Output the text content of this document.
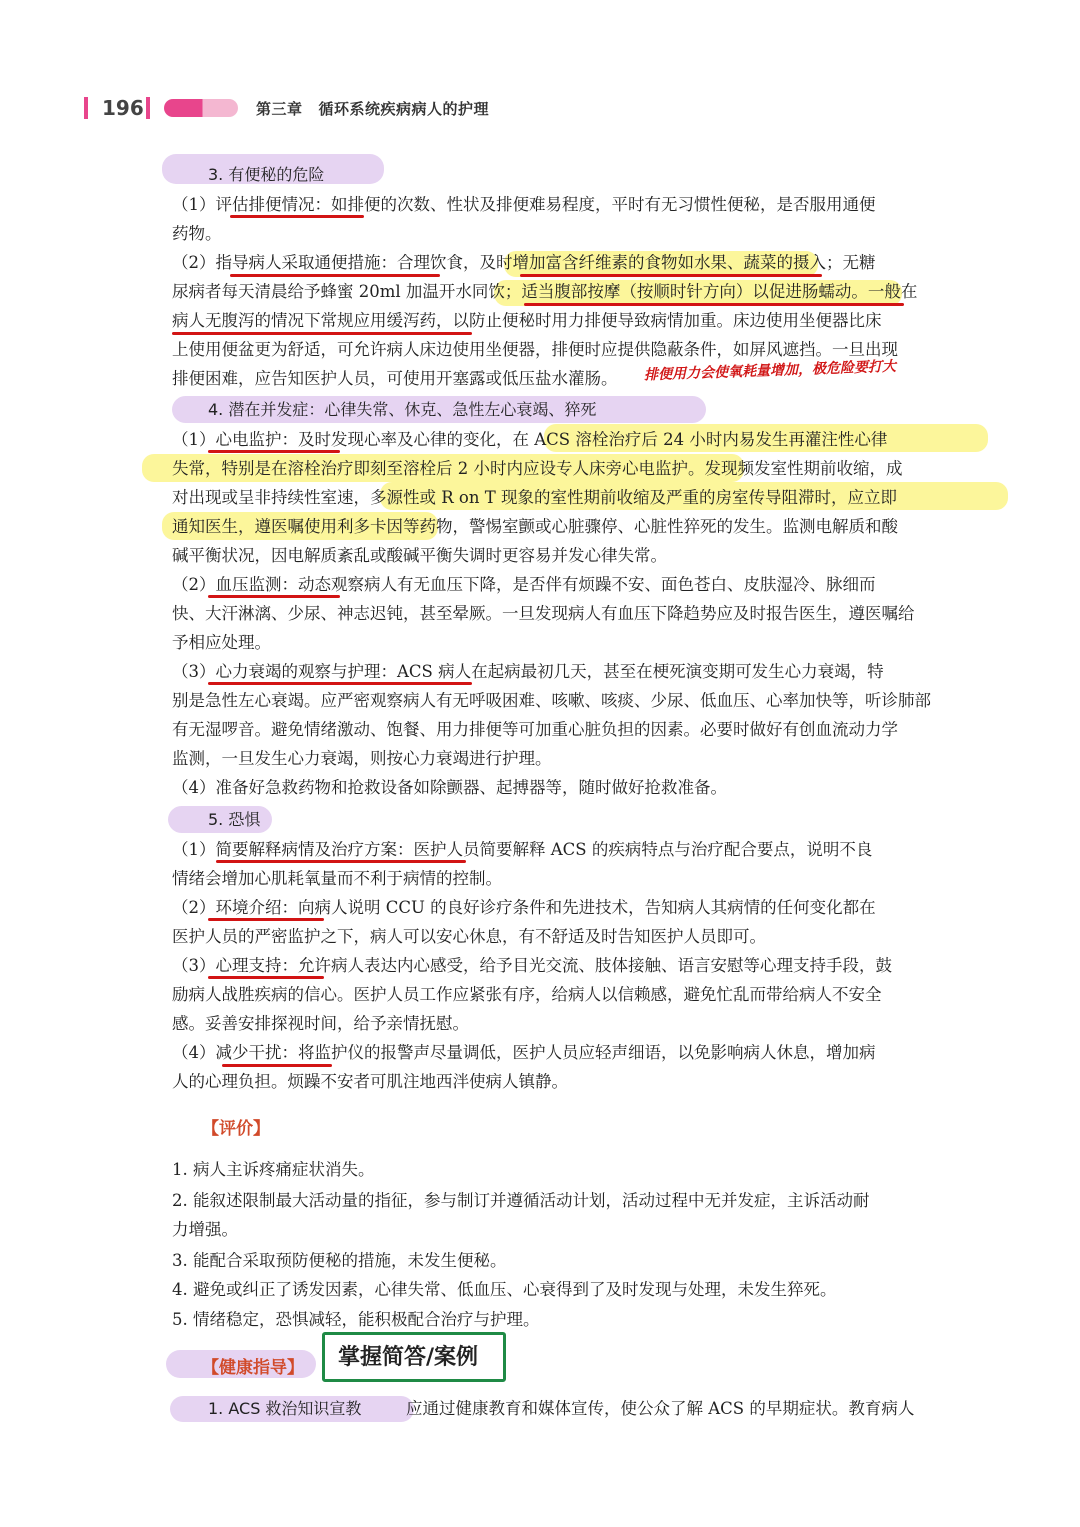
196	第三章 循环系统疾病病人的护理
3. 有便秘的危险
（1）评估排便情况：如排便的次数、性状及排便难易程度，平时有无习惯性便秘，是否服用通便
药物。
（2）指导病人采取通便措施：合理饮食，及时增加富含纤维素的食物如水果、蔬菜的摄入；无糖
尿病者每天清晨给予蜂蜜 20ml 加温开水同饮；适当腹部按摩（按顺时针方向）以促进肠蠕动。一般在
病人无腹泻的情况下常规应用缓泻药，以防止便秘时用力排便导致病情加重。床边使用坐便器比床
上使用便盆更为舒适，可允许病人床边使用坐便器，排便时应提供隐蔽条件，如屏风遮挡。一旦出现
排便困难，应告知医护人员，可使用开塞露或低压盐水灌肠。 排便用力会使氧耗量增加，极危险要打大
4. 潜在并发症：心律失常、休克、急性左心衰竭、猝死
（1）心电监护：及时发现心率及心律的变化，在 ACS 溶栓治疗后 24 小时内易发生再灌注性心律
失常，特别是在溶栓治疗即刻至溶栓后 2 小时内应设专人床旁心电监护。发现频发室性期前收缩，成
对出现或呈非持续性室速，多源性或 R on T 现象的室性期前收缩及严重的房室传导阻滞时，应立即
通知医生，遵医嘱使用利多卡因等药物，警惕室颤或心脏骤停、心脏性猝死的发生。监测电解质和酸
碱平衡状况，因电解质紊乱或酸碱平衡失调时更容易并发心律失常。
（2）血压监测：动态观察病人有无血压下降，是否伴有烦躁不安、面色苍白、皮肤湿冷、脉细而
快、大汗淋漓、少尿、神志迟钝，甚至晕厥。一旦发现病人有血压下降趋势应及时报告医生，遵医嘱给
予相应处理。
（3）心力衰竭的观察与护理：ACS 病人在起病最初几天，甚至在梗死演变期可发生心力衰竭，特
别是急性左心衰竭。应严密观察病人有无呼吸困难、咳嗽、咳痰、少尿、低血压、心率加快等，听诊肺部
有无湿啰音。避免情绪激动、饱餐、用力排便等可加重心脏负担的因素。必要时做好有创血流动力学
监测，一旦发生心力衰竭，则按心力衰竭进行护理。
（4）准备好急救药物和抢救设备如除颤器、起搏器等，随时做好抢救准备。
5. 恐惧
（1）简要解释病情及治疗方案：医护人员简要解释 ACS 的疾病特点与治疗配合要点，说明不良
情绪会增加心肌耗氧量而不利于病情的控制。
（2）环境介绍：向病人说明 CCU 的良好诊疗条件和先进技术，告知病人其病情的任何变化都在
医护人员的严密监护之下，病人可以安心休息，有不舒适及时告知医护人员即可。
（3）心理支持：允许病人表达内心感受，给予目光交流、肢体接触、语言安慰等心理支持手段，鼓
励病人战胜疾病的信心。医护人员工作应紧张有序，给病人以信赖感，避免忙乱而带给病人不安全
感。妥善安排探视时间，给予亲情抚慰。
（4）减少干扰：将监护仪的报警声尽量调低，医护人员应轻声细语，以免影响病人休息，增加病
人的心理负担。烦躁不安者可肌注地西泮使病人镇静。
【评价】
1. 病人主诉疼痛症状消失。
2. 能叙述限制最大活动量的指征，参与制订并遵循活动计划，活动过程中无并发症，主诉活动耐
力增强。
3. 能配合采取预防便秘的措施，未发生便秘。
4. 避免或纠正了诱发因素，心律失常、低血压、心衰得到了及时发现与处理，未发生猝死。
5. 情绪稳定，恐惧减轻，能积极配合治疗与护理。
【健康指导】 掌握简答/案例
1. ACS 救治知识宣教	应通过健康教育和媒体宣传，使公众了解 ACS 的早期症状。教育病人
